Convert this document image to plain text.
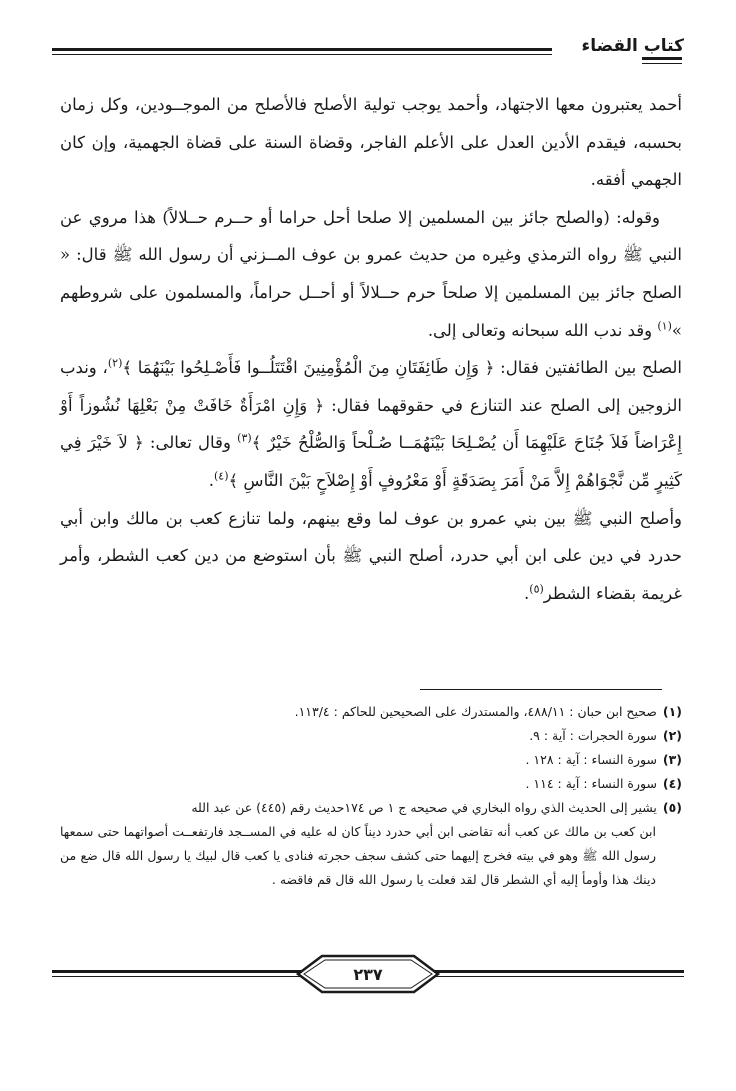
كتاب القضاء

أحمد يعتبرون معها الاجتهاد، وأحمد يوجب تولية الأصلح فالأصلح من الموجــودين، وكل زمان بحسبه، فيقدم الأدين العدل على الأعلم الفاجر، وقضاة السنة على قضاة الجهمية، وإن كان الجهمي أفقه.

وقوله: (والصلح جائز بين المسلمين إلا صلحا أحل حراما أو حــرم حــلالاً) هذا مروي عن النبي ﷺ رواه الترمذي وغيره من حديث عمرو بن عوف المــزني أن رسول الله ﷺ قال: « الصلح جائز بين المسلمين إلا صلحاً حرم حــلالاً أو أحــل حراماً، والمسلمون على شروطهم »$^{(١)}$ وقد ندب الله سبحانه وتعالى إلى.

الصلح بين الطائفتين فقال: ﴿ وَإِن طَائِفَتَانِ مِنَ الْمُؤْمِنِينَ اقْتَتَلُــوا فَأَصْـلِحُوا بَيْنَهُمَا ﴾$^{(٢)}$، وندب الزوجين إلى الصلح عند التنازع في حقوقهما فقال: ﴿ وَإِنِ امْرَأَةٌ خَافَتْ مِنْ بَعْلِهَا نُشُوزاً أَوْ إِعْرَاضاً فَلاَ جُنَاحَ عَلَيْهِمَا أَن يُصْـلِحَا بَيْنَهُمَــا صُـلْحاً وَالصُّلْحُ خَيْرٌ ﴾$^{(٣)}$ وقال تعالى: ﴿ لاَ خَيْرَ فِي كَثِيرٍ مِّن نَّجْوَاهُمْ إِلاَّ مَنْ أَمَرَ بِصَدَقَةٍ أَوْ مَعْرُوفٍ أَوْ إِصْلاَحٍ بَيْنَ النَّاسِ ﴾$^{(٤)}$.

وأصلح النبي ﷺ بين بني عمرو بن عوف لما وقع بينهم، ولما تنازع كعب بن مالك وابن أبي حدرد في دين على ابن أبي حدرد، أصلح النبي ﷺ بأن استوضع من دين كعب الشطر، وأمر غريمة بقضاء الشطر$^{(٥)}$.

(١)صحيح ابن حبان : ٤٨٨/١١، والمستدرك على الصحيحين للحاكم : ١١٣/٤.

(٢)سورة الحجرات : آية : ٩.

(٣)سورة النساء : آية : ١٢٨ .

(٤)سورة النساء : آية : ١١٤ .

(٥)يشير إلى الحديث الذي رواه البخاري في صحيحه ج ١ ص ١٧٤حديث رقم (٤٤٥) عن عبد الله

ابن كعب بن مالك عن كعب أنه تقاضى ابن أبي حدرد ديناً كان له عليه في المســجد فارتفعــت أصواتهما حتى سمعها رسول الله ﷺ وهو في بيته فخرج إليهما حتى كشف سجف حجرته فنادى يا كعب قال لبيك يا رسول الله قال ضع من دينك هذا وأومأ إليه أي الشطر قال لقد فعلت يا رسول الله قال قم فاقضه .

٢٣٧
